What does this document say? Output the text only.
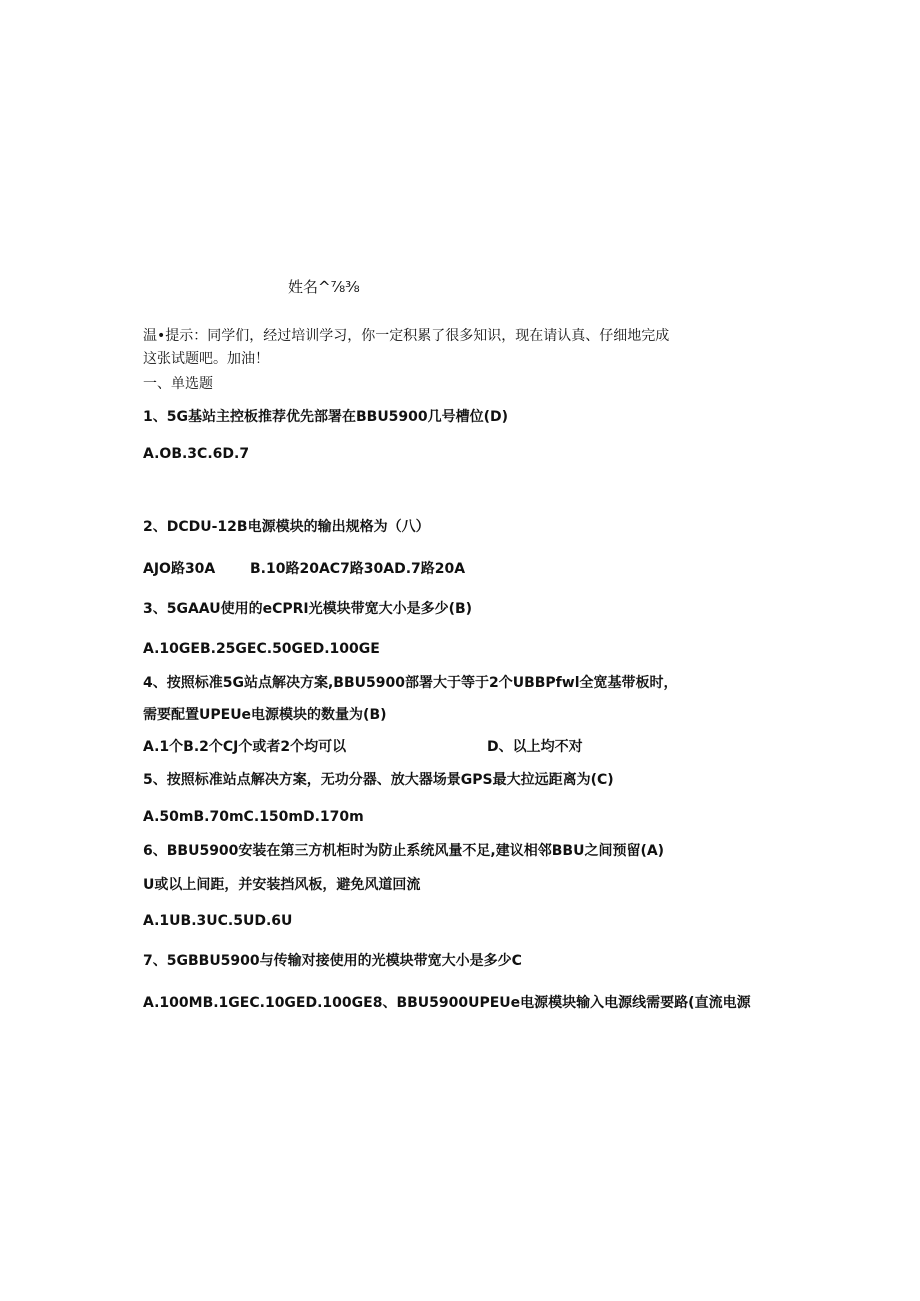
姓名^⅞⅜
温•提示：同学们，经过培训学习，你一定积累了很多知识，现在请认真、仔细地完成
这张试题吧。加油！
一、单选题
1、5G基站主控板推荐优先部署在BBU5900几号槽位(D)
A.OB.3C.6D.7
2、DCDU-12B电源模块的输出规格为（八）
AJO路30A B.10路20AC7路30AD.7路20A
3、5GAAU使用的eCPRI光模块带宽大小是多少(B)
A.10GEB.25GEC.50GED.100GE
4、按照标准5G站点解决方案,BBU5900部署大于等于2个UBBPfwl全宽基带板时，
需要配置UPEUe电源模块的数量为(B)
A.1个B.2个CJ个或者2个均可以	D、以上均不对
5、按照标准站点解决方案，无功分器、放大器场景GPS最大拉远距离为(C)
A.50mB.70mC.150mD.170m
6、BBU5900安装在第三方机柜时为防止系统风量不足,建议相邻BBU之间预留(A)
U或以上间距，并安装挡风板，避免风道回流
A.1UB.3UC.5UD.6U
7、5GBBU5900与传输对接使用的光模块带宽大小是多少C
A.100MB.1GEC.10GED.100GE8、BBU5900UPEUe电源模块输入电源线需要路(直流电源
